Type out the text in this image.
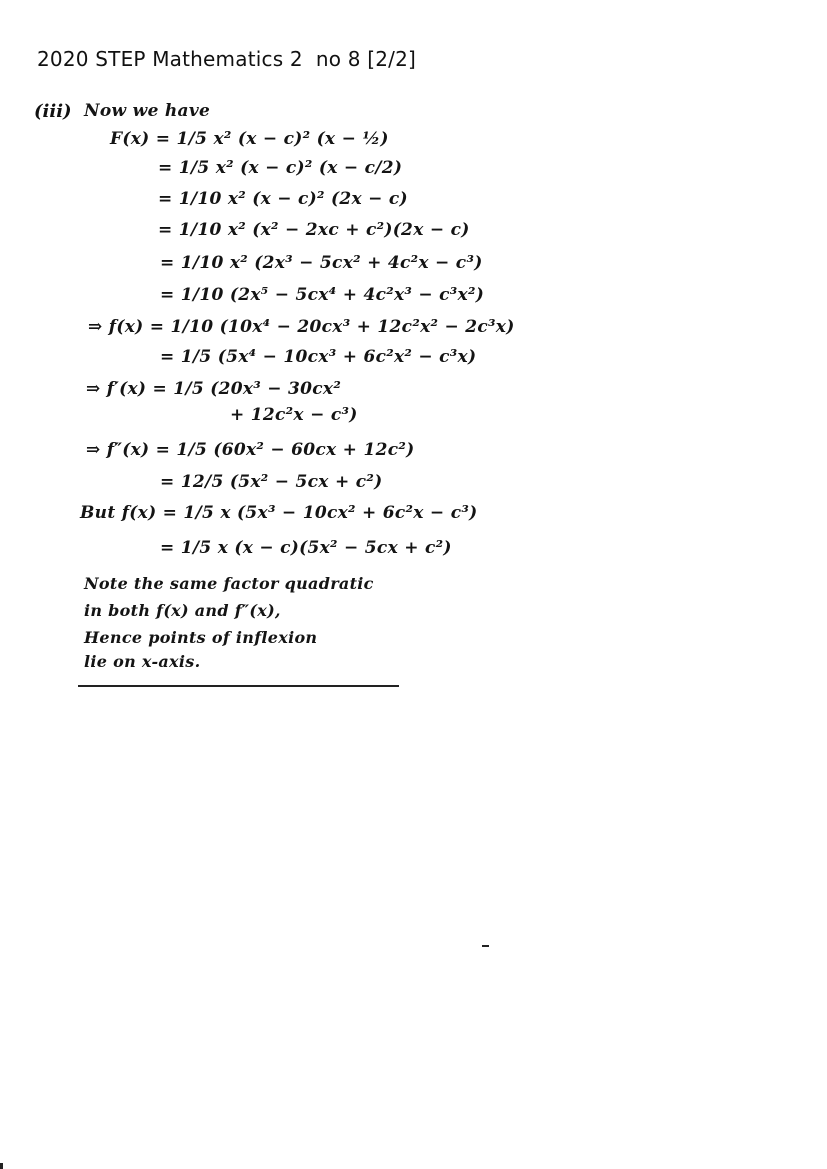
2020 STEP Mathematics 2  no 8 [2/2]
(iii) Now we have
F(x) = 1/5 x² (x − c)² (x − ½)
= 1/5 x² (x − c)² (x − c/2)
= 1/10 x² (x − c)² (2x − c)
= 1/10 x² (x² − 2xc + c²)(2x − c)
= 1/10 x² (2x³ − 5cx² + 4c²x − c³)
= 1/10 (2x⁵ − 5cx⁴ + 4c²x³ − c³x²)
⇒ f(x) = 1/10 (10x⁴ − 20cx³ + 12c²x² − 2c³x)
= 1/5 (5x⁴ − 10cx³ + 6c²x² − c³x)
⇒ f′(x) = 1/5 (20x³ − 30cx²
+ 12c²x − c³)
⇒ f″(x) = 1/5 (60x² − 60cx + 12c²)
= 12/5 (5x² − 5cx + c²)
But f(x) = 1/5 x (5x³ − 10cx² + 6c²x − c³)
= 1/5 x (x − c)(5x² − 5cx + c²)
Note the same factor quadratic
in both f(x) and f″(x),
Hence points of inflexion
lie on x-axis.
